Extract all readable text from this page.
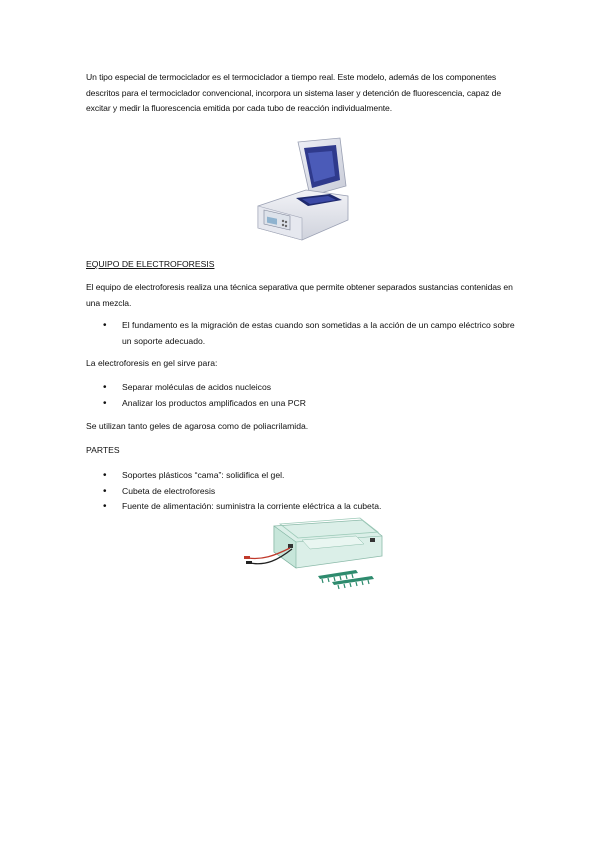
Un tipo especial de termociclador es el termociclador a tiempo real. Este modelo, además de los componentes descritos para el termociclador convencional, incorpora un sistema laser y detención de fluorescencia, capaz de excitar y medir la fluorescencia emitida por cada tubo de reacción individualmente.
EQUIPO DE ELECTROFORESIS
El equipo de electroforesis realiza una técnica separativa que permite obtener separados sustancias contenidas en una mezcla.
• El fundamento es la migración de estas cuando son sometidas a la acción de un campo eléctrico sobre un soporte adecuado.
La electroforesis en gel sirve para:
• Separar moléculas de acidos nucleicos
• Analizar los productos amplificados en una PCR
Se utilizan tanto geles de agarosa como de poliacrilamida.
PARTES
• Soportes plásticos “cama”: solidifica el gel.
• Cubeta de electroforesis
• Fuente de alimentación: suministra la corriente eléctrica a la cubeta.
